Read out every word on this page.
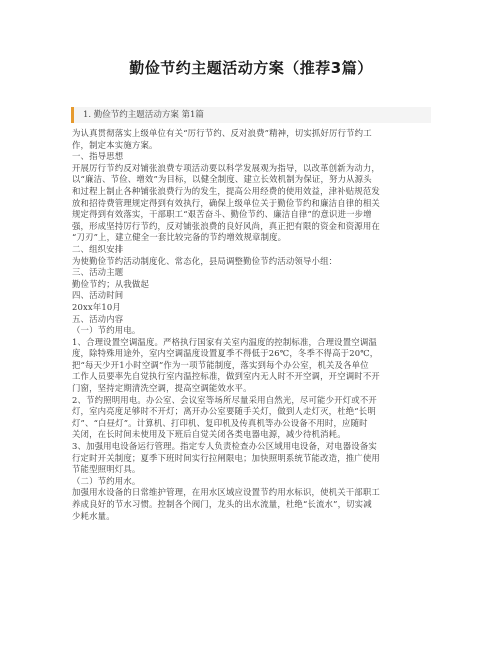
勤俭节约主题活动方案（推荐3篇）
1. 勤俭节约主题活动方案 第1篇
为认真贯彻落实上级单位有关“厉行节约、反对浪费”精神，切实抓好厉行节约工
作，制定本实施方案。
一、指导思想
开展厉行节约反对铺张浪费专项活动要以科学发展观为指导，以改革创新为动力，
以“廉洁、节俭、增效”为目标，以健全制度、建立长效机制为保证，努力从源头
和过程上制止各种铺张浪费行为的发生，提高公用经费的使用效益，津补贴规范发
放和招待费管理规定得到有效执行，确保上级单位关于勤俭节约和廉洁自律的相关
规定得到有效落实，干部职工“艰苦奋斗、勤俭节约、廉洁自律”的意识进一步增
强，形成坚持厉行节约，反对铺张浪费的良好风尚，真正把有限的资金和资源用在
“刀刃”上，建立健全一套比较完备的节约增效规章制度。
二、组织安排
为使勤俭节约活动制度化、常态化，县局调整勤俭节约活动领导小组：
三、活动主题
勤俭节约；从我做起
四、活动时间
20xx年10月
五、活动内容
（一）节约用电。
1、合理设置空调温度。严格执行国家有关室内温度的控制标准，合理设置空调温
度，除特殊用途外，室内空调温度设置夏季不得低于26℃，冬季不得高于20℃，
把“每天少开1小时空调”作为一项节能制度，落实到每个办公室，机关及各单位
工作人员要率先自觉执行室内温控标准，做到室内无人时不开空调，开空调时不开
门窗，坚持定期清洗空调，提高空调能效水平。
2、节约照明用电。办公室、会议室等场所尽量采用自然光，尽可能少开灯或不开
灯，室内亮度足够时不开灯；离开办公室要随手关灯，做到人走灯灭，杜绝“长明
灯”、“白昼灯”。计算机、打印机、复印机及传真机等办公设备不用时，应随时
关闭，在长时间未使用及下班后自觉关闭各类电器电源，减少待机消耗。
3、加强用电设备运行管理。指定专人负责检查办公区域用电设备，对电器设备实
行定时开关制度；夏季下班时间实行拉闸限电；加快照明系统节能改造，推广使用
节能型照明灯具。
（二）节约用水。
加强用水设备的日常维护管理，在用水区域应设置节约用水标识，使机关干部职工
养成良好的节水习惯。控制各个阀门，龙头的出水流量，杜绝“长流水”，切实减
少耗水量。
